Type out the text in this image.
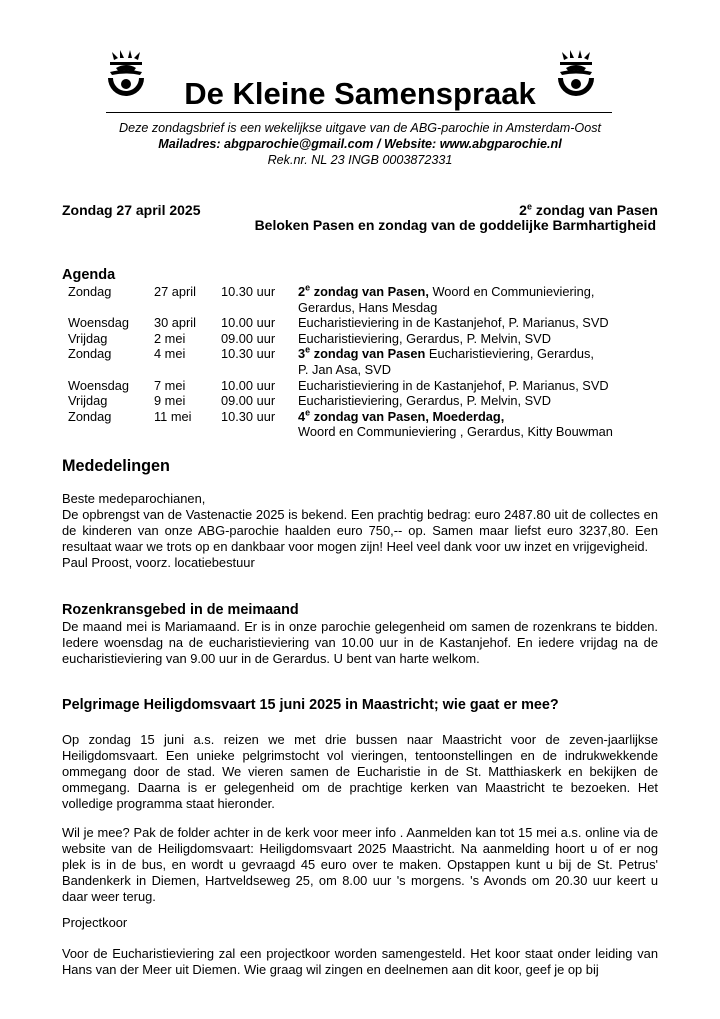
De Kleine Samenspraak
Deze zondagsbrief is een wekelijkse uitgave van de ABG-parochie in Amsterdam-Oost
Mailadres: abgparochie@gmail.com / Website: www.abgparochie.nl
Rek.nr. NL 23 INGB 0003872331
Zondag 27 april 2025	2e zondag van Pasen
Beloken Pasen en zondag van de goddelijke Barmhartigheid
Agenda
Zondag	27 april 10.30 uur 2e zondag van Pasen, Woord en Communieviering,
Gerardus, Hans Mesdag
Woensdag 30 april 10.00 uur Eucharistieviering in de Kastanjehof, P. Marianus, SVD
Vrijdag	2 mei	09.00 uur Eucharistieviering, Gerardus, P. Melvin, SVD
Zondag	4 mei	10.30 uur 3e zondag van Pasen Eucharistieviering, Gerardus,
P. Jan Asa, SVD
Woensdag 7 mei	10.00 uur Eucharistieviering in de Kastanjehof, P. Marianus, SVD
Vrijdag	9 mei	09.00 uur Eucharistieviering, Gerardus, P. Melvin, SVD
Zondag	11 mei 10.30 uur 4e zondag van Pasen, Moederdag,
Woord en Communieviering , Gerardus, Kitty Bouwman
Mededelingen
Beste medeparochianen,
De opbrengst van de Vastenactie 2025 is bekend. Een prachtig bedrag: euro 2487.80 uit de collectes en de kinderen van onze ABG-parochie haalden euro 750,-- op. Samen maar liefst euro 3237,80. Een resultaat waar we trots op en dankbaar voor mogen zijn! Heel veel dank voor uw inzet en vrijgevigheid.
Paul Proost, voorz. locatiebestuur
Rozenkransgebed in de meimaand
De maand mei is Mariamaand. Er is in onze parochie gelegenheid om samen de rozenkrans te bidden. Iedere woensdag na de eucharistieviering van 10.00 uur in de Kastanjehof. En iedere vrijdag na de eucharistieviering van 9.00 uur in de Gerardus. U bent van harte welkom.
Pelgrimage Heiligdomsvaart 15 juni 2025 in Maastricht; wie gaat er mee?
Op zondag 15 juni a.s. reizen we met drie bussen naar Maastricht voor de zeven-jaarlijkse Heiligdomsvaart. Een unieke pelgrimstocht vol vieringen, tentoonstellingen en de indrukwekkende ommegang door de stad. We vieren samen de Eucharistie in de St. Matthiaskerk en bekijken de ommegang. Daarna is er gelegenheid om de prachtige kerken van Maastricht te bezoeken. Het volledige programma staat hieronder.
Wil je mee? Pak de folder achter in de kerk voor meer info . Aanmelden kan tot 15 mei a.s. online via de website van de Heiligdomsvaart: Heiligdomsvaart 2025 Maastricht. Na aanmelding hoort u of er nog plek is in de bus, en wordt u gevraagd 45 euro over te maken. Opstappen kunt u bij de St. Petrus' Bandenkerk in Diemen, Hartveldseweg 25, om 8.00 uur 's morgens. 's Avonds om 20.30 uur keert u daar weer terug.
Projectkoor
Voor de Eucharistieviering zal een projectkoor worden samengesteld. Het koor staat onder leiding van Hans van der Meer uit Diemen. Wie graag wil zingen en deelnemen aan dit koor, geef je op bij
